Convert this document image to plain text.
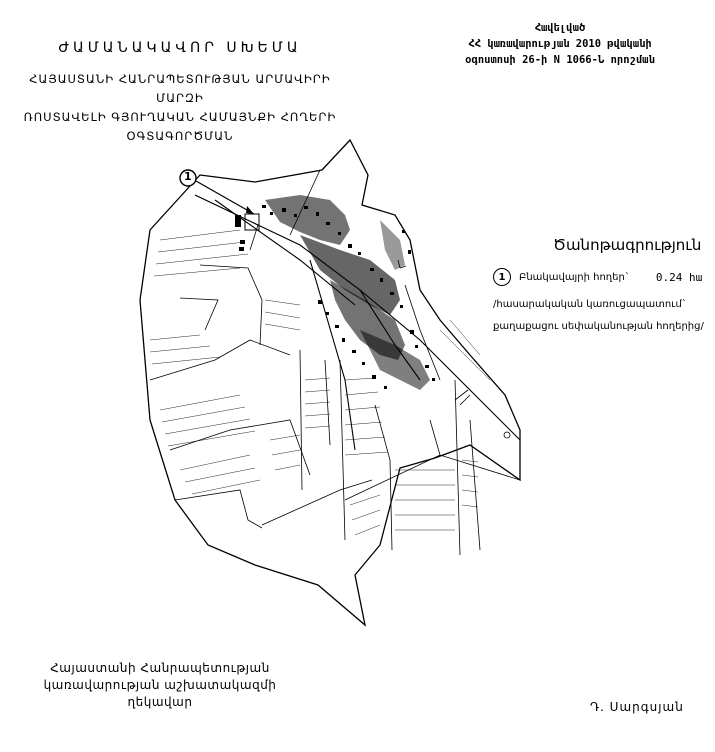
1
ԺԱՄԱՆԱԿԱՎՈՐ ՍԽԵՄԱ
ՀԱՅԱՍՏԱՆԻ ՀԱՆՐԱՊԵՏՈՒԹՅԱՆ ԱՐՄԱՎԻՐԻ ՄԱՐԶԻ
ՌՈՍՏԱՎԵԼԻ ԳՅՈՒՂԱԿԱՆ ՀԱՄԱՅՆՔԻ ՀՈՂԵՐԻ
ՕԳՏԱԳՈՐԾՄԱՆ
Հավելված
ՀՀ կառավարության 2010 թվականի
օգոստոսի 26-ի N 1066-Ն որոշման
Ծանոթագրություն
1	Բնակավայրի հողեր` 0.24 հա
/հասարակական կառուցապատում`
քաղաքացու սեփականության հողերից/
Հայաստանի Հանրապետության
կառավարության աշխատակազմի
ղեկավար	Դ. Սարգսյան
